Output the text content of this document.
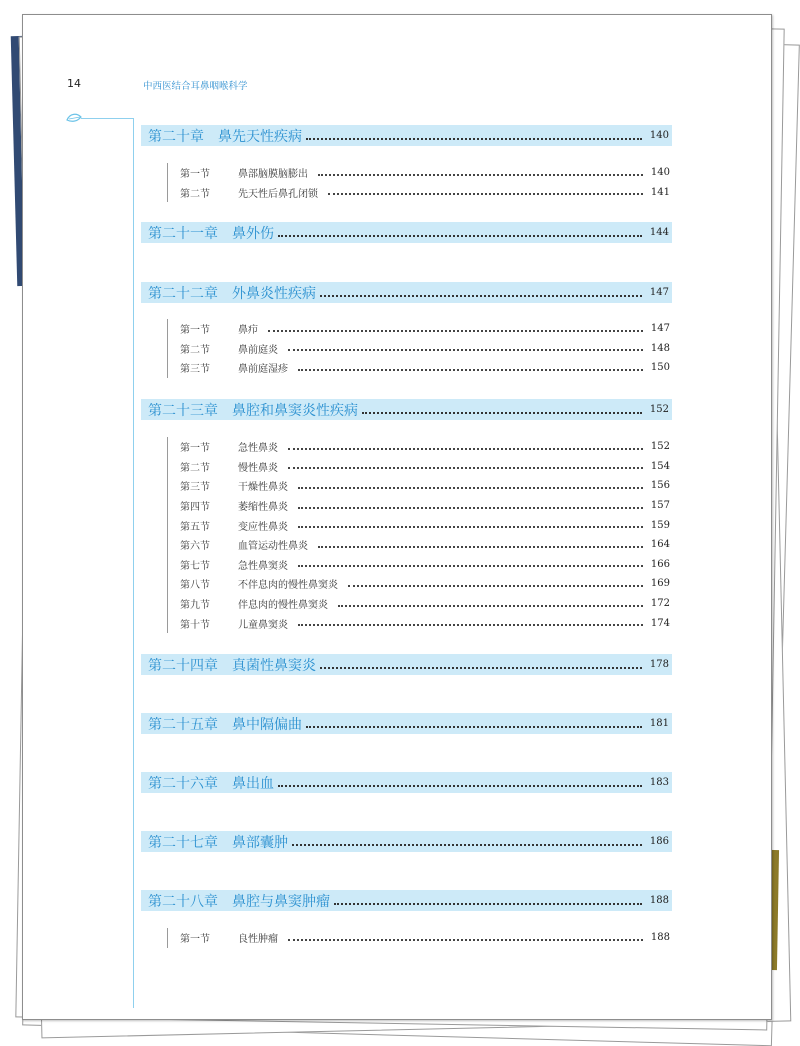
14	中西医结合耳鼻咽喉科学
第二十章 鼻先天性疾病	140
第一节	鼻部脑膜脑膨出	140
第二节	先天性后鼻孔闭锁	141
第二十一章 鼻外伤	144
第二十二章 外鼻炎性疾病	147
第一节	鼻疖	147
第二节	鼻前庭炎	148
第三节	鼻前庭湿疹	150
第二十三章 鼻腔和鼻窦炎性疾病	152
第一节	急性鼻炎	152
第二节	慢性鼻炎	154
第三节	干燥性鼻炎	156
第四节	萎缩性鼻炎	157
第五节	变应性鼻炎	159
第六节	血管运动性鼻炎	164
第七节	急性鼻窦炎	166
第八节	不伴息肉的慢性鼻窦炎	169
第九节	伴息肉的慢性鼻窦炎	172
第十节	儿童鼻窦炎	174
第二十四章 真菌性鼻窦炎	178
第二十五章 鼻中隔偏曲	181
第二十六章 鼻出血	183
第二十七章 鼻部囊肿	186
第二十八章 鼻腔与鼻窦肿瘤	188
第一节	良性肿瘤	188
